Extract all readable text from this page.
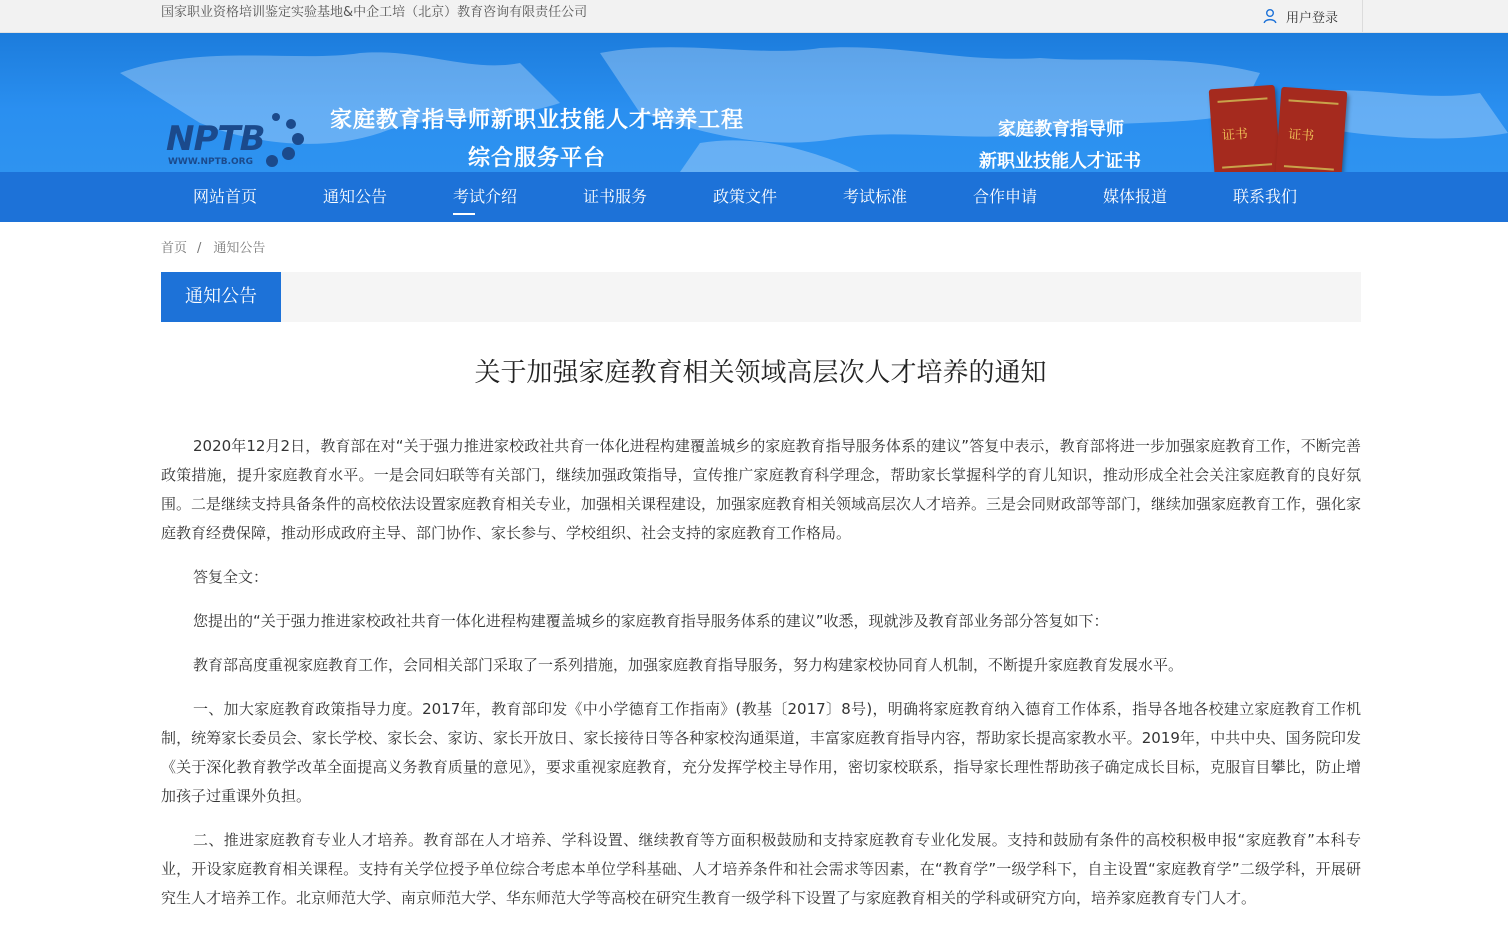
国家职业资格培训鉴定实验基地&中企工培（北京）教育咨询有限责任公司	用户登录
NPTB
WWW.NPTB.ORG
家庭教育指导师新职业技能人才培养工程
综合服务平台
家庭教育指导师
新职业技能人才证书
证书	证书
网站首页	通知公告	考试介绍	证书服务	政策文件	考试标准	合作申请	媒体报道	联系我们
首页 / 通知公告
通知公告
关于加强家庭教育相关领域高层次人才培养的通知

2020年12月2日，教育部在对“关于强力推进家校政社共育一体化进程构建覆盖城乡的家庭教育指导服务体系的建议”答复中表示，教育部将进一步加强家庭教育工作，不断完善政策措施，提升家庭教育水平。一是会同妇联等有关部门，继续加强政策指导，宣传推广家庭教育科学理念，帮助家长掌握科学的育儿知识，推动形成全社会关注家庭教育的良好氛围。二是继续支持具备条件的高校依法设置家庭教育相关专业，加强相关课程建设，加强家庭教育相关领域高层次人才培养。三是会同财政部等部门，继续加强家庭教育工作，强化家庭教育经费保障，推动形成政府主导、部门协作、家长参与、学校组织、社会支持的家庭教育工作格局。

答复全文：

您提出的“关于强力推进家校政社共育一体化进程构建覆盖城乡的家庭教育指导服务体系的建议”收悉，现就涉及教育部业务部分答复如下：

教育部高度重视家庭教育工作，会同相关部门采取了一系列措施，加强家庭教育指导服务，努力构建家校协同育人机制，不断提升家庭教育发展水平。

一、加大家庭教育政策指导力度。2017年，教育部印发《中小学德育工作指南》(教基〔2017〕8号)，明确将家庭教育纳入德育工作体系，指导各地各校建立家庭教育工作机制，统筹家长委员会、家长学校、家长会、家访、家长开放日、家长接待日等各种家校沟通渠道，丰富家庭教育指导内容，帮助家长提高家教水平。2019年，中共中央、国务院印发《关于深化教育教学改革全面提高义务教育质量的意见》，要求重视家庭教育，充分发挥学校主导作用，密切家校联系，指导家长理性帮助孩子确定成长目标，克服盲目攀比，防止增加孩子过重课外负担。

二、推进家庭教育专业人才培养。教育部在人才培养、学科设置、继续教育等方面积极鼓励和支持家庭教育专业化发展。支持和鼓励有条件的高校积极申报“家庭教育”本科专业，开设家庭教育相关课程。支持有关学位授予单位综合考虑本单位学科基础、人才培养条件和社会需求等因素，在“教育学”一级学科下，自主设置“家庭教育学”二级学科，开展研究生人才培养工作。北京师范大学、南京师范大学、华东师范大学等高校在研究生教育一级学科下设置了与家庭教育相关的学科或研究方向，培养家庭教育专门人才。
